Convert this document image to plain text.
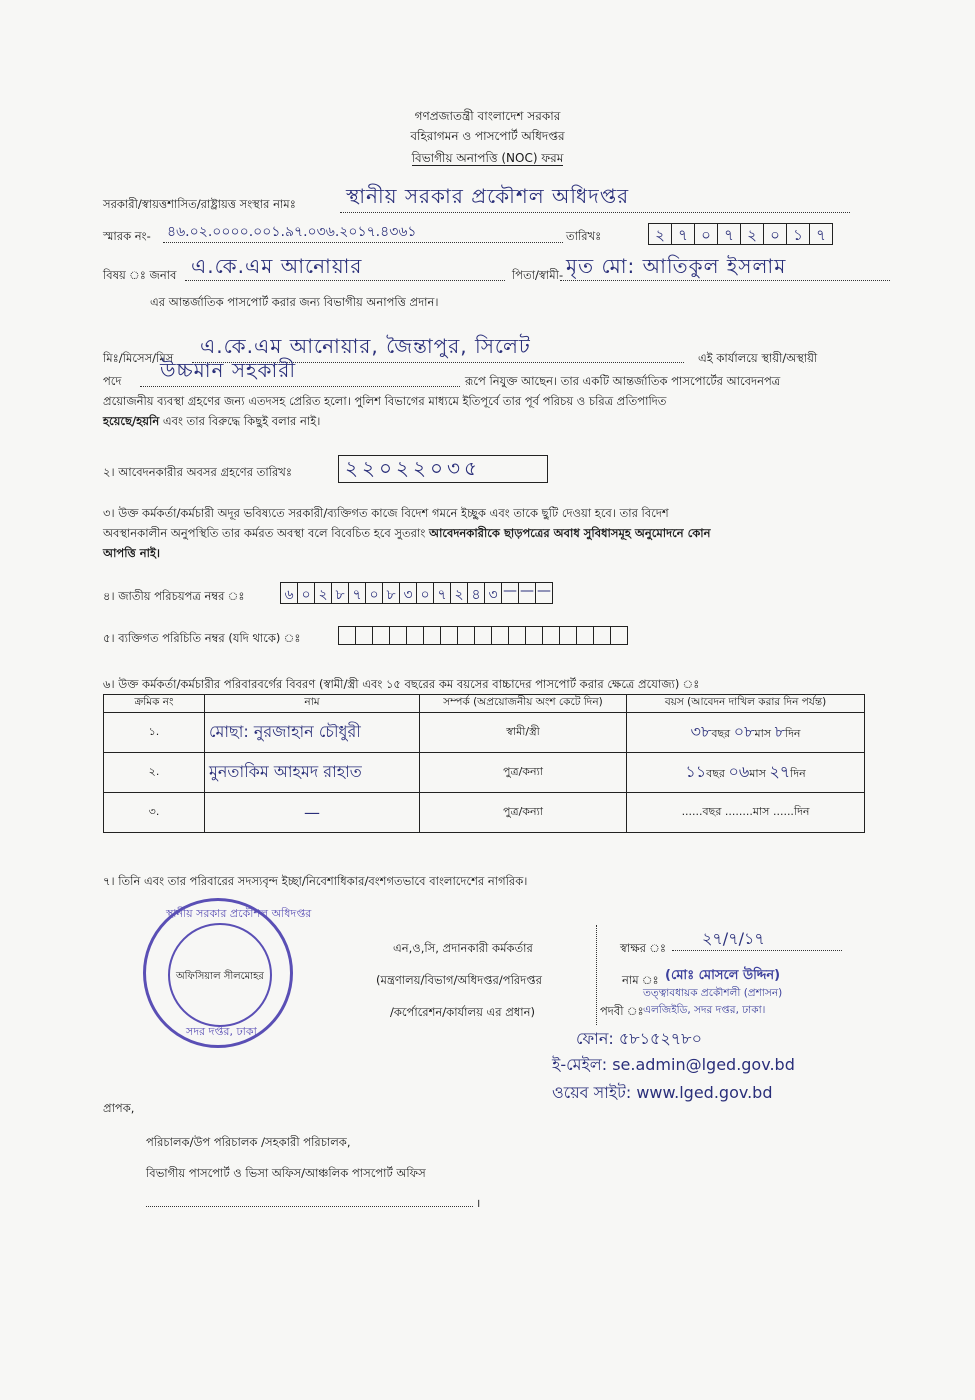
গণপ্রজাতন্ত্রী বাংলাদেশ সরকার
বহিরাগমন ও পাসপোর্ট অধিদপ্তর
বিভাগীয় অনাপত্তি (NOC) ফরম
সরকারী/স্বায়ত্তশাসিত/রাষ্ট্রায়ত্ত সংস্থার নামঃ	স্থানীয় সরকার প্রকৌশল অধিদপ্তর
স্মারক নং- ৪৬.০২.০০০০.০০১.৯৭.০৩৬.২০১৭.৪৩৬১	তারিখঃ	২ ৭ ০ ৭ ২ ০ ১ ৭
বিষয় ঃ জনাব এ.কে.এম আনোয়ার	পিতা/স্বামী- মৃত মো: আতিকুল ইসলাম
এর আন্তর্জাতিক পাসপোর্ট করার জন্য বিভাগীয় অনাপত্তি প্রদান।
মিঃ/মিসেস/মিস এ.কে.এম আনোয়ার, জৈন্তাপুর, সিলেট	এই কার্যালয়ে স্থায়ী/অস্থায়ী
পদে উচ্চমান সহকারী	রূপে নিযুক্ত আছেন। তার একটি আন্তর্জাতিক পাসপোর্টের আবেদনপত্র
প্রয়োজনীয় ব্যবস্থা গ্রহণের জন্য এতদসহ প্রেরিত হলো। পুলিশ বিভাগের মাধ্যমে ইতিপূর্বে তার পূর্ব পরিচয় ও চরিত্র প্রতিপাদিত
হয়েছে/হয়নি এবং তার বিরুদ্ধে কিছুই বলার নাই।
২। আবেদনকারীর অবসর গ্রহণের তারিখঃ	২২০২২০৩৫
৩। উক্ত কর্মকর্তা/কর্মচারী অদূর ভবিষ্যতে সরকারী/ব্যক্তিগত কাজে বিদেশ গমনে ইচ্ছুক এবং তাকে ছুটি দেওয়া হবে। তার বিদেশ
অবস্থানকালীন অনুপস্থিতি তার কর্মরত অবস্থা বলে বিবেচিত হবে সুতরাং আবেদনকারীকে ছাড়পত্রের অবাধ সুবিধাসমূহ অনুমোদনে কোন
আপত্তি নাই।
৪। জাতীয় পরিচয়পত্র নম্বর ঃ	৬ ০ ২ ৮ ৭ ০ ৮ ৩ ০ ৭ ২ ৪ ৩ — — —
৫। ব্যক্তিগত পরিচিতি নম্বর (যদি থাকে) ঃ
৬। উক্ত কর্মকর্তা/কর্মচারীর পরিবারবর্গের বিবরণ (স্বামী/স্ত্রী এবং ১৫ বছরের কম বয়সের বাচ্চাদের পাসপোর্ট করার ক্ষেত্রে প্রযোজ্য) ঃ
ক্রমিক নং	নাম	সম্পর্ক (অপ্রয়োজনীয় অংশ কেটে দিন)	বয়স (আবেদন দাখিল করার দিন পর্যন্ত)
১.	মোছা: নুরজাহান চৌধুরী	স্বামী/স্ত্রী	৩৮বছর ০৮মাস ৮দিন
২.	মুনতাকিম আহমদ রাহাত	পুত্র/কন্যা	১১বছর ০৬মাস ২৭দিন
৩.	—	পুত্র/কন্যা	......বছর ........মাস ......দিন
৭। তিনি এবং তার পরিবারের সদস্যবৃন্দ ইচ্ছা/নিবেশাধিকার/বংশগতভাবে বাংলাদেশের নাগরিক।
স্থানীয় সরকার প্রকৌশল অধিদপ্তর
সদর দপ্তর, ঢাকা
অফিসিয়াল সীলমোহর
এন,ও,সি, প্রদানকারী কর্মকর্তার
(মন্ত্রণালয়/বিভাগ/অধিদপ্তর/পরিদপ্তর
/কর্পোরেশন/কার্যালয় এর প্রধান)
স্বাক্ষর ঃ ২৭/৭/১৭
নাম ঃ (মোঃ মোসলে উদ্দিন)
তত্ত্বাবধায়ক প্রকৌশলী (প্রশাসন)
পদবী ঃ এলজিইডি, সদর দপ্তর, ঢাকা।
ফোন: ৫৮১৫২৭৮০
ই-মেইল: se.admin@lged.gov.bd
ওয়েব সাইট: www.lged.gov.bd
প্রাপক,
পরিচালক/উপ পরিচালক /সহকারী পরিচালক,
বিভাগীয় পাসপোর্ট ও ভিসা অফিস/আঞ্চলিক পাসপোর্ট অফিস
।
